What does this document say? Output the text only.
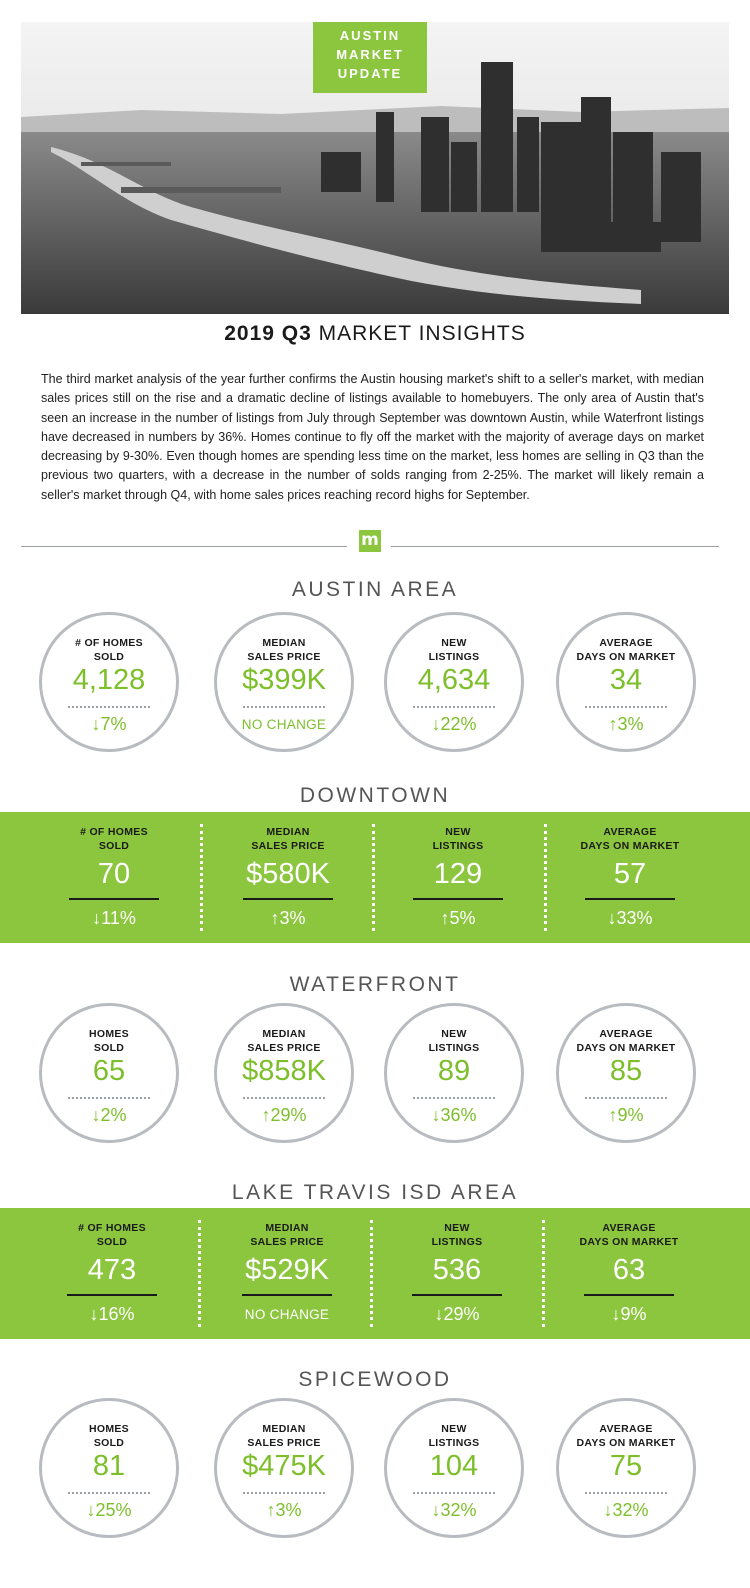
AUSTIN
MARKET
UPDATE
2019 Q3 MARKET INSIGHTS
The third market analysis of the year further confirms the Austin housing market's shift to a seller's market, with median sales prices still on the rise and a dramatic decline of listings available to homebuyers. The only area of Austin that's seen an increase in the number of listings from July through September was downtown Austin, while Waterfront listings have decreased in numbers by 36%. Homes continue to fly off the market with the majority of average days on market decreasing by 9-30%. Even though homes are spending less time on the market, less homes are selling in Q3 than the previous two quarters, with a decrease in the number of solds ranging from 2-25%. The market will likely remain a seller's market through Q4, with home sales prices reaching record highs for September.
m
AUSTIN AREA
# OF HOMES
SOLD
4,128
↓7%
MEDIAN
SALES PRICE
$399K
NO CHANGE
NEW
LISTINGS
4,634
↓22%
AVERAGE
DAYS ON MARKET
34
↑3%
DOWNTOWN
# OF HOMES
SOLD
70
↓11%
MEDIAN
SALES PRICE
$580K
↑3%
NEW
LISTINGS
129
↑5%
AVERAGE
DAYS ON MARKET
57
↓33%
WATERFRONT
HOMES
SOLD
65
↓2%
MEDIAN
SALES PRICE
$858K
↑29%
NEW
LISTINGS
89
↓36%
AVERAGE
DAYS ON MARKET
85
↑9%
LAKE TRAVIS ISD AREA
# OF HOMES
SOLD
473
↓16%
MEDIAN
SALES PRICE
$529K
NO CHANGE
NEW
LISTINGS
536
↓29%
AVERAGE
DAYS ON MARKET
63
↓9%
SPICEWOOD
HOMES
SOLD
81
↓25%
MEDIAN
SALES PRICE
$475K
↑3%
NEW
LISTINGS
104
↓32%
AVERAGE
DAYS ON MARKET
75
↓32%
